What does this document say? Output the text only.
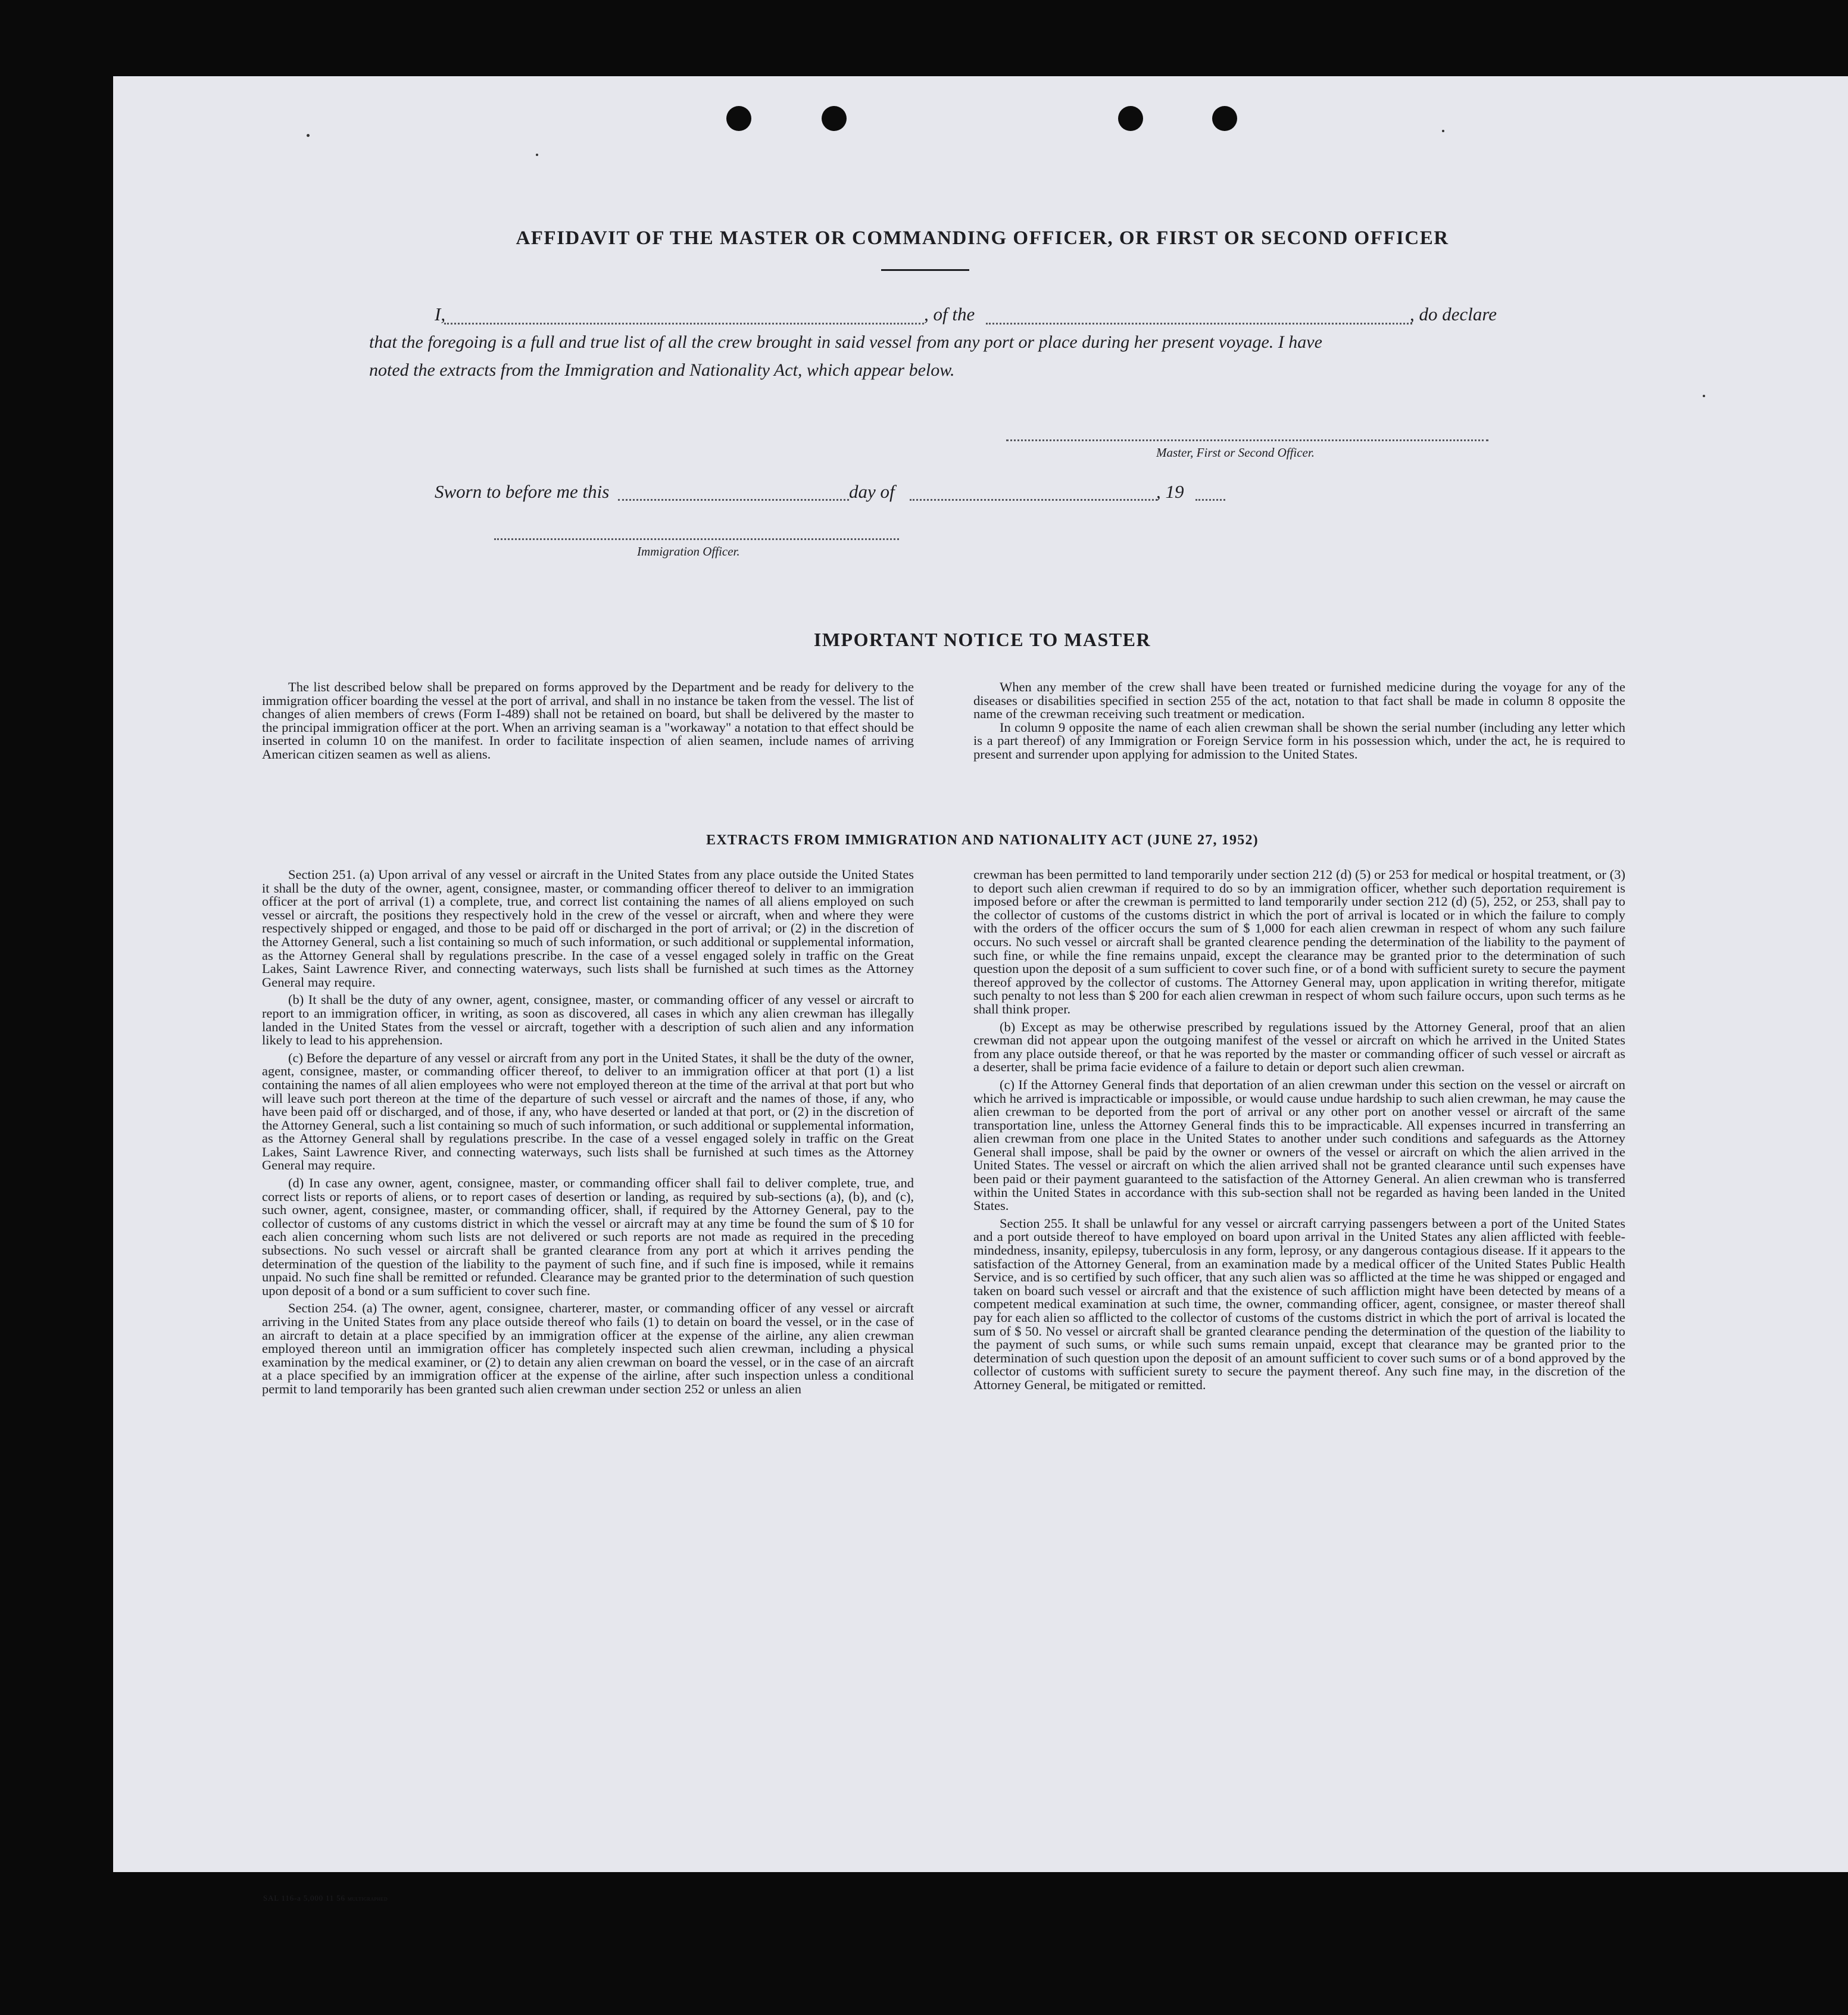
AFFIDAVIT OF THE MASTER OR COMMANDING OFFICER, OR FIRST OR SECOND OFFICER
I,	, of the	, do declare
that the foregoing is a full and true list of all the crew brought in said vessel from any port or place during her present voyage. I have
noted the extracts from the Immigration and Nationality Act, which appear below.
Master, First or Second Officer.
Sworn to before me this	day of	, 19
Immigration Officer.
IMPORTANT NOTICE TO MASTER

The list described below shall be prepared on forms approved by the Department and be ready for delivery to the immigration officer boarding the vessel at the port of arrival, and shall in no instance be taken from the vessel. The list of changes of alien members of crews (Form I-489) shall not be retained on board, but shall be delivered by the master to the principal immigration officer at the port. When an arriving seaman is a "workaway" a notation to that effect should be inserted in column 10 on the manifest. In order to facilitate inspection of alien seamen, include names of arriving American citizen seamen as well as aliens.

When any member of the crew shall have been treated or furnished medicine during the voyage for any of the diseases or disabilities specified in section 255 of the act, notation to that fact shall be made in column 8 opposite the name of the crewman receiving such treatment or medication.

In column 9 opposite the name of each alien crewman shall be shown the serial number (including any letter which is a part thereof) of any Immigration or Foreign Service form in his possession which, under the act, he is required to present and surrender upon applying for admission to the United States.

EXTRACTS FROM IMMIGRATION AND NATIONALITY ACT (JUNE 27, 1952)

Section 251. (a) Upon arrival of any vessel or aircraft in the United States from any place outside the United States it shall be the duty of the owner, agent, consignee, master, or commanding officer thereof to deliver to an immigration officer at the port of arrival (1) a complete, true, and correct list containing the names of all aliens employed on such vessel or aircraft, the positions they respectively hold in the crew of the vessel or aircraft, when and where they were respectively shipped or engaged, and those to be paid off or discharged in the port of arrival; or (2) in the discretion of the Attorney General, such a list containing so much of such information, or such additional or supplemental information, as the Attorney General shall by regulations prescribe. In the case of a vessel engaged solely in traffic on the Great Lakes, Saint Lawrence River, and connecting waterways, such lists shall be furnished at such times as the Attorney General may require.

(b) It shall be the duty of any owner, agent, consignee, master, or commanding officer of any vessel or aircraft to report to an immigration officer, in writing, as soon as discovered, all cases in which any alien crewman has illegally landed in the United States from the vessel or aircraft, together with a description of such alien and any information likely to lead to his apprehension.

(c) Before the departure of any vessel or aircraft from any port in the United States, it shall be the duty of the owner, agent, consignee, master, or commanding officer thereof, to deliver to an immigration officer at that port (1) a list containing the names of all alien employees who were not employed thereon at the time of the arrival at that port but who will leave such port thereon at the time of the departure of such vessel or aircraft and the names of those, if any, who have been paid off or discharged, and of those, if any, who have deserted or landed at that port, or (2) in the discretion of the Attorney General, such a list containing so much of such information, or such additional or supplemental information, as the Attorney General shall by regulations prescribe. In the case of a vessel engaged solely in traffic on the Great Lakes, Saint Lawrence River, and connecting waterways, such lists shall be furnished at such times as the Attorney General may require.

(d) In case any owner, agent, consignee, master, or commanding officer shall fail to deliver complete, true, and correct lists or reports of aliens, or to report cases of desertion or landing, as required by sub-sections (a), (b), and (c), such owner, agent, consignee, master, or commanding officer, shall, if required by the Attorney General, pay to the collector of customs of any customs district in which the vessel or aircraft may at any time be found the sum of $ 10 for each alien concerning whom such lists are not delivered or such reports are not made as required in the preceding subsections. No such vessel or aircraft shall be granted clearance from any port at which it arrives pending the determination of the question of the liability to the payment of such fine, and if such fine is imposed, while it remains unpaid. No such fine shall be remitted or refunded. Clearance may be granted prior to the determination of such question upon deposit of a bond or a sum sufficient to cover such fine.

Section 254. (a) The owner, agent, consignee, charterer, master, or commanding officer of any vessel or aircraft arriving in the United States from any place outside thereof who fails (1) to detain on board the vessel, or in the case of an aircraft to detain at a place specified by an immigration officer at the expense of the airline, any alien crewman employed thereon until an immigration officer has completely inspected such alien crewman, including a physical examination by the medical examiner, or (2) to detain any alien crewman on board the vessel, or in the case of an aircraft at a place specified by an immigration officer at the expense of the airline, after such inspection unless a conditional permit to land temporarily has been granted such alien crewman under section 252 or unless an alien

crewman has been permitted to land temporarily under section 212 (d) (5) or 253 for medical or hospital treatment, or (3) to deport such alien crewman if required to do so by an immigration officer, whether such deportation requirement is imposed before or after the crewman is permitted to land temporarily under section 212 (d) (5), 252, or 253, shall pay to the collector of customs of the customs district in which the port of arrival is located or in which the failure to comply with the orders of the officer occurs the sum of $ 1,000 for each alien crewman in respect of whom any such failure occurs. No such vessel or aircraft shall be granted clearence pending the determination of the liability to the payment of such fine, or while the fine remains unpaid, except the clearance may be granted prior to the determination of such question upon the deposit of a sum sufficient to cover such fine, or of a bond with sufficient surety to secure the payment thereof approved by the collector of customs. The Attorney General may, upon application in writing therefor, mitigate such penalty to not less than $ 200 for each alien crewman in respect of whom such failure occurs, upon such terms as he shall think proper.

(b) Except as may be otherwise prescribed by regulations issued by the Attorney General, proof that an alien crewman did not appear upon the outgoing manifest of the vessel or aircraft on which he arrived in the United States from any place outside thereof, or that he was reported by the master or commanding officer of such vessel or aircraft as a deserter, shall be prima facie evidence of a failure to detain or deport such alien crewman.

(c) If the Attorney General finds that deportation of an alien crewman under this section on the vessel or aircraft on which he arrived is impracticable or impossible, or would cause undue hardship to such alien crewman, he may cause the alien crewman to be deported from the port of arrival or any other port on another vessel or aircraft of the same transportation line, unless the Attorney General finds this to be impracticable. All expenses incurred in transferring an alien crewman from one place in the United States to another under such conditions and safeguards as the Attorney General shall impose, shall be paid by the owner or owners of the vessel or aircraft on which the alien arrived in the United States. The vessel or aircraft on which the alien arrived shall not be granted clearance until such expenses have been paid or their payment guaranteed to the satisfaction of the Attorney General. An alien crewman who is transferred within the United States in accordance with this sub-section shall not be regarded as having been landed in the United States.

Section 255. It shall be unlawful for any vessel or aircraft carrying passengers between a port of the United States and a port outside thereof to have employed on board upon arrival in the United States any alien afflicted with feeble-mindedness, insanity, epilepsy, tuberculosis in any form, leprosy, or any dangerous contagious disease. If it appears to the satisfaction of the Attorney General, from an examination made by a medical officer of the United States Public Health Service, and is so certified by such officer, that any such alien was so afflicted at the time he was shipped or engaged and taken on board such vessel or aircraft and that the existence of such affliction might have been detected by means of a competent medical examination at such time, the owner, commanding officer, agent, consignee, or master thereof shall pay for each alien so afflicted to the collector of customs of the customs district in which the port of arrival is located the sum of $ 50. No vessel or aircraft shall be granted clearance pending the determination of the question of the liability to the payment of such sums, or while such sums remain unpaid, except that clearance may be granted prior to the determination of such question upon the deposit of an amount sufficient to cover such sums or of a bond approved by the collector of customs with sufficient surety to secure the payment thereof. Any such fine may, in the discretion of the Attorney General, be mitigated or remitted.

SAL 116-a 5,000 11 56 MULTIGRAPHED
